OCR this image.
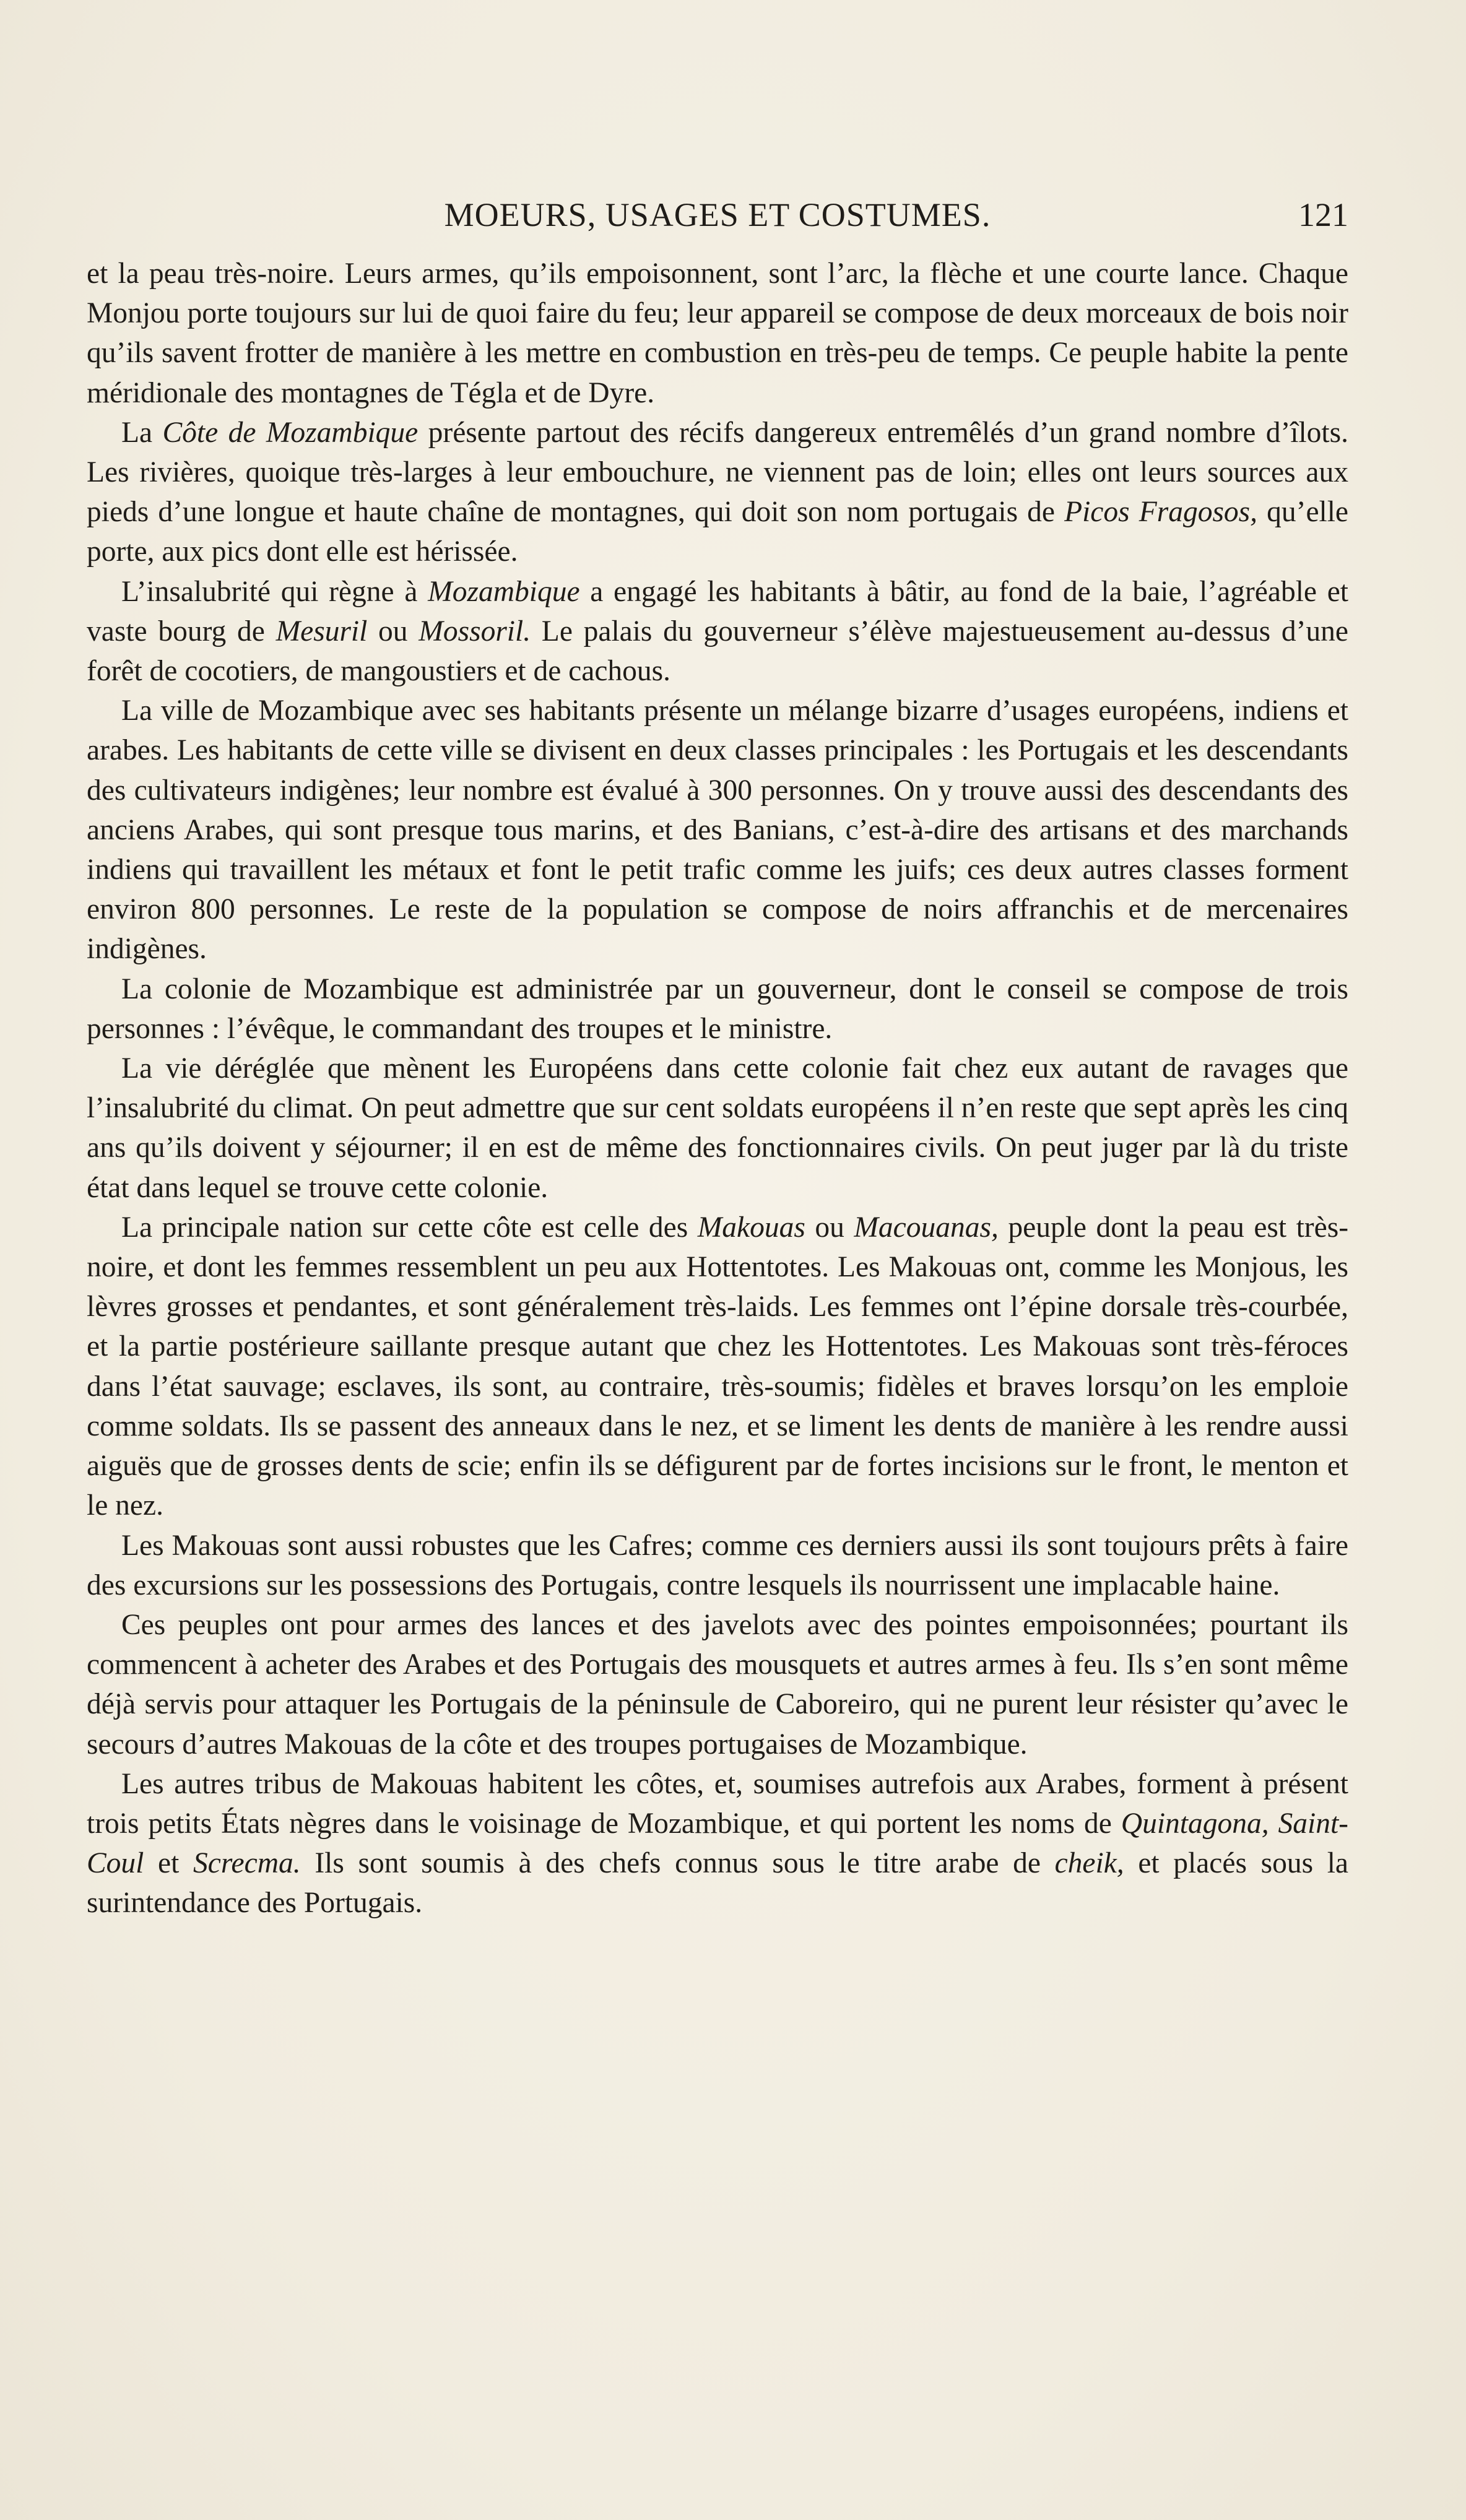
MOEURS, USAGES ET COSTUMES.	121

et la peau très-noire. Leurs armes, qu’ils empoisonnent, sont l’arc, la flèche et une courte lance. Chaque Monjou porte toujours sur lui de quoi faire du feu; leur appareil se compose de deux morceaux de bois noir qu’ils savent frotter de manière à les mettre en combustion en très-peu de temps. Ce peuple habite la pente méridionale des montagnes de Tégla et de Dyre.

La Côte de Mozambique présente partout des récifs dangereux entremêlés d’un grand nombre d’îlots. Les rivières, quoique très-larges à leur embouchure, ne viennent pas de loin; elles ont leurs sources aux pieds d’une longue et haute chaîne de montagnes, qui doit son nom portugais de Picos Fragosos, qu’elle porte, aux pics dont elle est hérissée.

L’insalubrité qui règne à Mozambique a engagé les habitants à bâtir, au fond de la baie, l’agréable et vaste bourg de Mesuril ou Mossoril. Le palais du gouverneur s’élève majestueusement au-dessus d’une forêt de cocotiers, de mangoustiers et de cachous.

La ville de Mozambique avec ses habitants présente un mélange bizarre d’usages européens, indiens et arabes. Les habitants de cette ville se divisent en deux classes principales : les Portugais et les descendants des cultivateurs indigènes; leur nombre est évalué à 300 personnes. On y trouve aussi des descendants des anciens Arabes, qui sont presque tous marins, et des Banians, c’est-à-dire des artisans et des marchands indiens qui travaillent les métaux et font le petit trafic comme les juifs; ces deux autres classes forment environ 800 personnes. Le reste de la population se compose de noirs affranchis et de mercenaires indigènes.

La colonie de Mozambique est administrée par un gouverneur, dont le conseil se compose de trois personnes : l’évêque, le commandant des troupes et le ministre.

La vie déréglée que mènent les Européens dans cette colonie fait chez eux autant de ravages que l’insalubrité du climat. On peut admettre que sur cent soldats européens il n’en reste que sept après les cinq ans qu’ils doivent y séjourner; il en est de même des fonctionnaires civils. On peut juger par là du triste état dans lequel se trouve cette colonie.

La principale nation sur cette côte est celle des Makouas ou Macouanas, peuple dont la peau est très-noire, et dont les femmes ressemblent un peu aux Hottentotes. Les Makouas ont, comme les Monjous, les lèvres grosses et pendantes, et sont généralement très-laids. Les femmes ont l’épine dorsale très-courbée, et la partie postérieure saillante presque autant que chez les Hottentotes. Les Makouas sont très-féroces dans l’état sauvage; esclaves, ils sont, au contraire, très-soumis; fidèles et braves lorsqu’on les emploie comme soldats. Ils se passent des anneaux dans le nez, et se liment les dents de manière à les rendre aussi aiguës que de grosses dents de scie; enfin ils se défigurent par de fortes incisions sur le front, le menton et le nez.

Les Makouas sont aussi robustes que les Cafres; comme ces derniers aussi ils sont toujours prêts à faire des excursions sur les possessions des Portugais, contre lesquels ils nourrissent une implacable haine.

Ces peuples ont pour armes des lances et des javelots avec des pointes empoisonnées; pourtant ils commencent à acheter des Arabes et des Portugais des mousquets et autres armes à feu. Ils s’en sont même déjà servis pour attaquer les Portugais de la péninsule de Caboreiro, qui ne purent leur résister qu’avec le secours d’autres Makouas de la côte et des troupes portugaises de Mozambique.

Les autres tribus de Makouas habitent les côtes, et, soumises autrefois aux Arabes, forment à présent trois petits États nègres dans le voisinage de Mozambique, et qui portent les noms de Quintagona, Saint-Coul et Screcma. Ils sont soumis à des chefs connus sous le titre arabe de cheik, et placés sous la surintendance des Portugais.
